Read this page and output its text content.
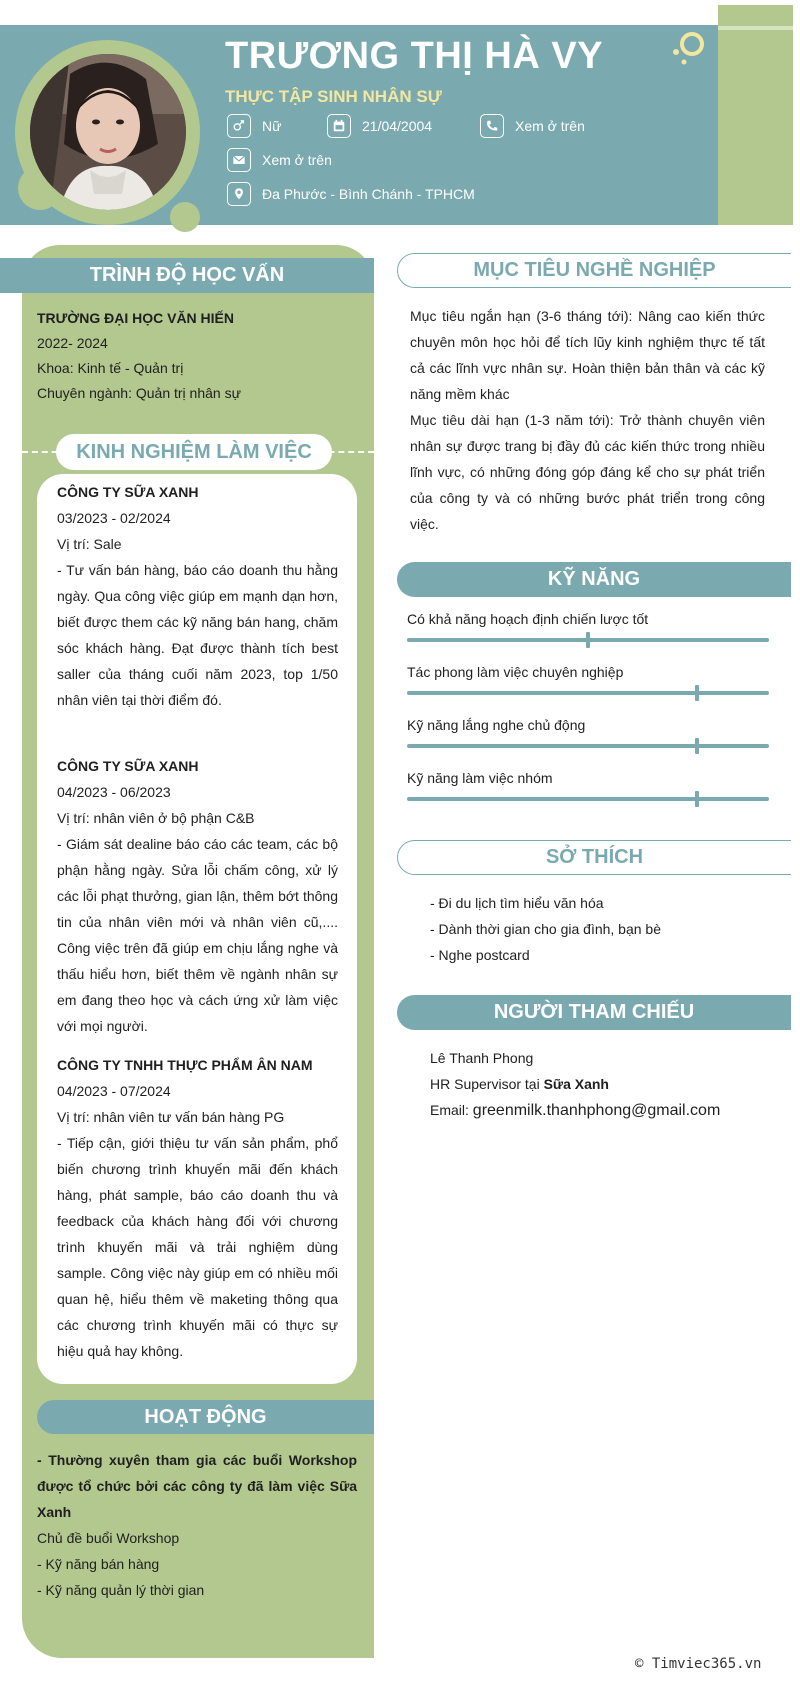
TRƯƠNG THỊ HÀ VY
THỰC TẬP SINH NHÂN SỰ
Nữ	21/04/2004	Xem ở trên
Xem ở trên
Đa Phước - Bình Chánh - TPHCM
TRÌNH ĐỘ HỌC VẤN
TRƯỜNG ĐẠI HỌC VĂN HIẾN
2022- 2024
Khoa: Kinh tế - Quản trị
Chuyên ngành: Quản trị nhân sự
KINH NGHIỆM LÀM VIỆC
CÔNG TY SỮA XANH
03/2023 - 02/2024
Vị trí: Sale
- Tư vấn bán hàng, báo cáo doanh thu hằng ngày. Qua công việc giúp em mạnh dạn hơn, biết được them các kỹ năng bán hang, chăm sóc khách hàng. Đạt được thành tích best saller của tháng cuối năm 2023, top 1/50 nhân viên tại thời điểm đó.
CÔNG TY SỮA XANH
04/2023 - 06/2023
Vị trí: nhân viên ở bộ phận C&B
- Giám sát dealine báo cáo các team, các bộ phận hằng ngày. Sửa lỗi chấm công, xử lý các lỗi phạt thưởng, gian lận, thêm bớt thông tin của nhân viên mới và nhân viên cũ,.... Công việc trên đã giúp em chịu lắng nghe và thấu hiểu hơn, biết thêm về ngành nhân sự em đang theo học và cách ứng xử làm việc với mọi người.
CÔNG TY TNHH THỰC PHẨM ÂN NAM
04/2023 - 07/2024
Vị trí: nhân viên tư vấn bán hàng PG
- Tiếp cận, giới thiệu tư vấn sản phẩm, phổ biến chương trình khuyến mãi đến khách hàng, phát sample, báo cáo doanh thu và feedback của khách hàng đối với chương trình khuyến mãi và trải nghiệm dùng sample. Công việc này giúp em có nhiều mối quan hệ, hiểu thêm về maketing thông qua các chương trình khuyến mãi có thực sự hiệu quả hay không.
HOẠT ĐỘNG
- Thường xuyên tham gia các buổi Workshop được tổ chức bởi các công ty đã làm việc Sữa Xanh
Chủ đề buổi Workshop
- Kỹ năng bán hàng
- Kỹ năng quản lý thời gian
MỤC TIÊU NGHỀ NGHIỆP
Mục tiêu ngắn hạn (3-6 tháng tới): Nâng cao kiến thức chuyên môn học hỏi để tích lũy kinh nghiệm thực tế tất cả các lĩnh vực nhân sự. Hoàn thiện bản thân và các kỹ năng mềm khác
Mục tiêu dài hạn (1-3 năm tới): Trở thành chuyên viên nhân sự được trang bị đầy đủ các kiến thức trong nhiều lĩnh vực, có những đóng góp đáng kể cho sự phát triển của công ty và có những bước phát triển trong công việc.
KỸ NĂNG
Có khả năng hoạch định chiến lược tốt
Tác phong làm việc chuyên nghiệp
Kỹ năng lắng nghe chủ động
Kỹ năng làm việc nhóm
SỞ THÍCH
- Đi du lịch tìm hiểu văn hóa
- Dành thời gian cho gia đình, bạn bè
- Nghe postcard
NGƯỜI THAM CHIẾU
Lê Thanh Phong
HR Supervisor tại Sữa Xanh
Email: greenmilk.thanhphong@gmail.com
© Timviec365.vn
